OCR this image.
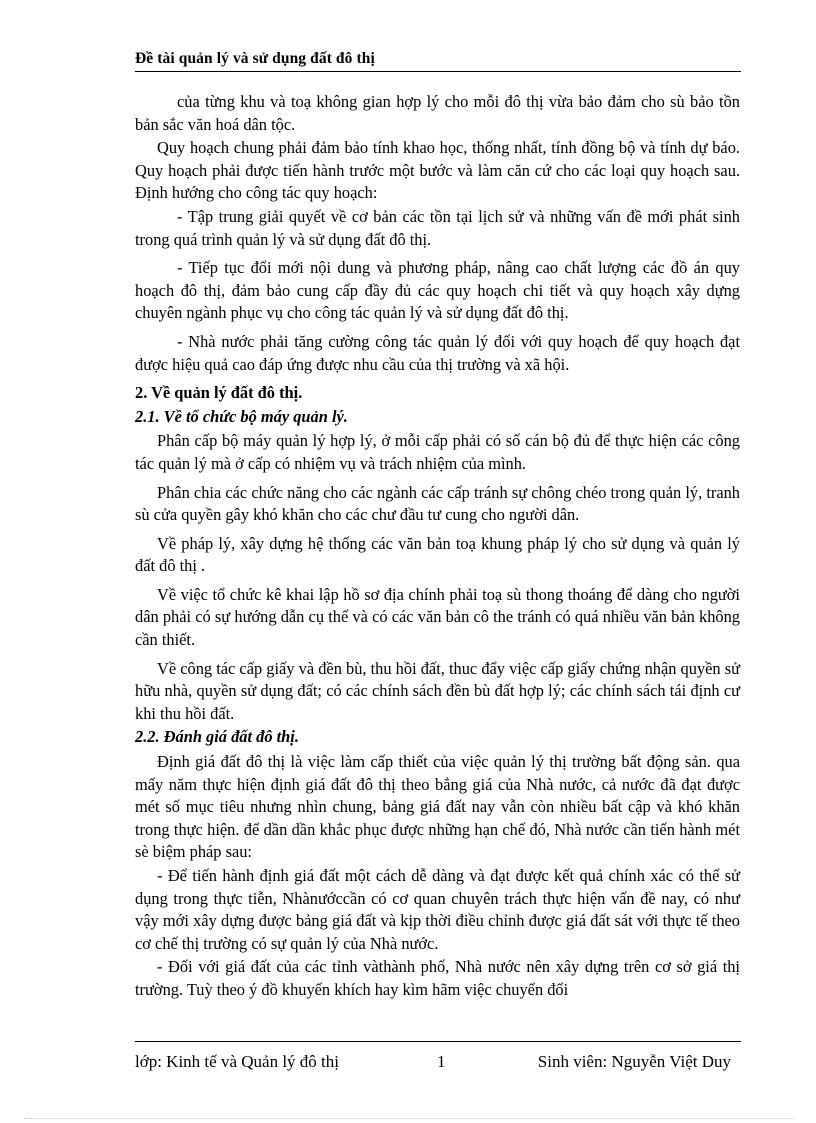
Đề tài quản lý và sử dụng đất đô thị

của từng khu và toạ không gian hợp lý cho mỗi đô thị vừa bảo đảm cho sù bảo tồn bản sắc văn hoá dân tộc.

Quy hoạch chung phải đảm bảo tính khao học, thống nhất, tính đồng bộ và tính dự báo. Quy hoạch phải được tiến hành trước một bước và làm căn cứ cho các loại quy hoạch sau. Định hướng cho công tác quy hoạch:

- Tập trung giải quyết về cơ bản các tồn tại lịch sử và những vấn đề mới phát sinh trong quá trình quản lý và sử dụng đất đô thị.

- Tiếp tục đổi mới nội dung và phương pháp, nâng cao chất lượng các đồ án quy hoạch đô thị, đảm bảo cung cấp đầy đủ các quy hoạch chi tiết và quy hoạch xây dựng chuyên ngành phục vụ cho công tác quản lý và sử dụng đất đô thị.

- Nhà nước phải tăng cường công tác quản lý đối với quy hoạch để quy hoạch đạt được hiệu quả cao đáp ứng được nhu cầu của thị trường và xã hội.

2. Về quản lý đất đô thị.
2.1. Về tổ chức bộ máy quản lý.

Phân cấp bộ máy quản lý hợp lý, ở mỗi cấp phải có số cán bộ đủ để thực hiện các công tác quản lý mà ở cấp có nhiệm vụ và trách nhiệm của mình.

Phân chia các chức năng cho các ngành các cấp tránh sự chông chéo trong quản lý, tranh sù cửa quyền gây khó khăn cho các chư đầu tư cung cho người dân.

Về pháp lý, xây dựng hệ thống các văn bản toạ khung pháp lý cho sử dụng và quản lý đất đô thị .

Về việc tổ chức kê khai lập hồ sơ địa chính phải toạ sù thong thoáng để dàng cho người dân phải có sự hướng dẫn cụ thể và có các văn bản cô the tránh có quá nhiều văn bản không cần thiết.

Về công tác cấp giấy và đền bù, thu hồi đất, thuc đẩy việc cấp giấy chứng nhận quyền sử hữu nhà, quyền sử dụng đất; có các chính sách đền bù đất hợp lý; các chính sách tái định cư khi thu hồi đất.

2.2. Đánh giá đất đô thị.

Định giá đất đô thị là việc làm cấp thiết của việc quản lý thị trường bất động sản. qua mấy năm thực hiện định giá đất đô thị theo bẳng giá của Nhà nước, cả nước đã đạt được mét số mục tiêu nhưng nhìn chung, bảng giá đất nay vẫn còn nhiều bất cập và khó khăn trong thực hiện. để dần dần khắc phục được những hạn chế đó, Nhà nước cần tiến hành mét sè biệm pháp sau:

- Để tiến hành định giá đất một cách dễ dàng và đạt được kết quả chính xác có thể sử dụng trong thực tiễn, Nhànướccần có cơ quan chuyên trách thực hiện vấn đề nay, có như vậy mới xây dựng được bảng giá đất và kịp thời điều chỉnh được giá đất sát với thực tế theo cơ chế thị trường có sự quản lý của Nhà nước.

- Đối với giá đất của các tỉnh vàthành phố, Nhà nước nên xây dựng trên cơ sở giá thị trường. Tuỳ theo ý đồ khuyến khích hay kìm hãm việc chuyển đổi

lớp: Kinh tế và Quản lý đô thị	1	Sinh viên: Nguyễn Việt Duy
